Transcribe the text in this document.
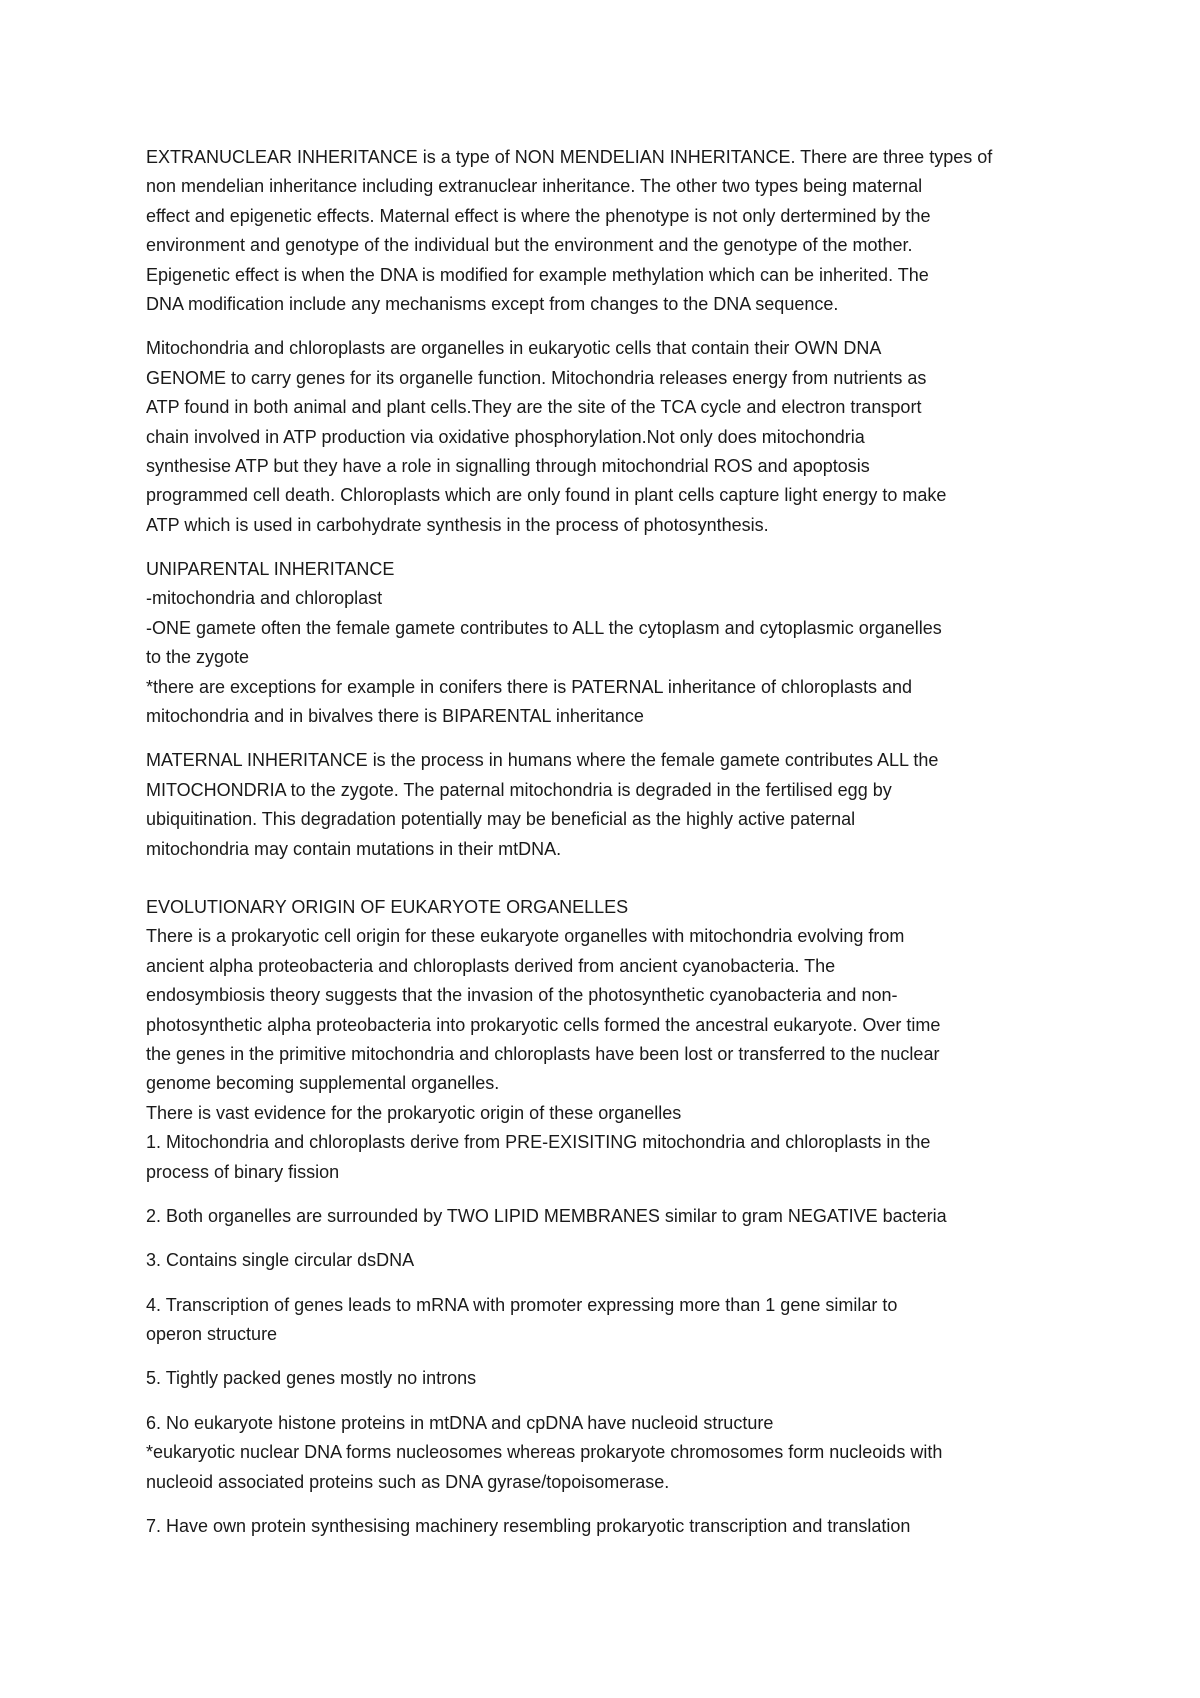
EXTRANUCLEAR INHERITANCE is a type of NON MENDELIAN INHERITANCE. There are three types of
non mendelian inheritance including extranuclear inheritance. The other two types being maternal
effect and epigenetic effects. Maternal effect is where the phenotype is not only dertermined by the
environment and genotype of the individual but the environment and the genotype of the mother.
Epigenetic effect is when the DNA is modified for example methylation which can be inherited. The
DNA modification include any mechanisms except from changes to the DNA sequence.

Mitochondria and chloroplasts are organelles in eukaryotic cells that contain their OWN DNA
GENOME to carry genes for its organelle function. Mitochondria releases energy from nutrients as
ATP found in both animal and plant cells.They are the site of the TCA cycle and electron transport
chain involved in ATP production via oxidative phosphorylation.Not only does mitochondria
synthesise ATP but they have a role in signalling through mitochondrial ROS and apoptosis
programmed cell death. Chloroplasts which are only found in plant cells capture light energy to make
ATP which is used in carbohydrate synthesis in the process of photosynthesis.

UNIPARENTAL INHERITANCE
-mitochondria and chloroplast
-ONE gamete often the female gamete contributes to ALL the cytoplasm and cytoplasmic organelles
to the zygote
*there are exceptions for example in conifers there is PATERNAL inheritance of chloroplasts and
mitochondria and in bivalves there is BIPARENTAL inheritance

MATERNAL INHERITANCE is the process in humans where the female gamete contributes ALL the
MITOCHONDRIA to the zygote. The paternal mitochondria is degraded in the fertilised egg by
ubiquitination. This degradation potentially may be beneficial as the highly active paternal
mitochondria may contain mutations in their mtDNA.

EVOLUTIONARY ORIGIN OF EUKARYOTE ORGANELLES
There is a prokaryotic cell origin for these eukaryote organelles with mitochondria evolving from
ancient alpha proteobacteria and chloroplasts derived from ancient cyanobacteria. The
endosymbiosis theory suggests that the invasion of the photosynthetic cyanobacteria and non-
photosynthetic alpha proteobacteria into prokaryotic cells formed the ancestral eukaryote. Over time
the genes in the primitive mitochondria and chloroplasts have been lost or transferred to the nuclear
genome becoming supplemental organelles.
There is vast evidence for the prokaryotic origin of these organelles
1. Mitochondria and chloroplasts derive from PRE-EXISITING mitochondria and chloroplasts in the
process of binary fission

2. Both organelles are surrounded by TWO LIPID MEMBRANES similar to gram NEGATIVE bacteria

3. Contains single circular dsDNA

4. Transcription of genes leads to mRNA with promoter expressing more than 1 gene similar to
operon structure

5. Tightly packed genes mostly no introns

6. No eukaryote histone proteins in mtDNA and cpDNA have nucleoid structure
*eukaryotic nuclear DNA forms nucleosomes whereas prokaryote chromosomes form nucleoids with
nucleoid associated proteins such as DNA gyrase/topoisomerase.

7. Have own protein synthesising machinery resembling prokaryotic transcription and translation
